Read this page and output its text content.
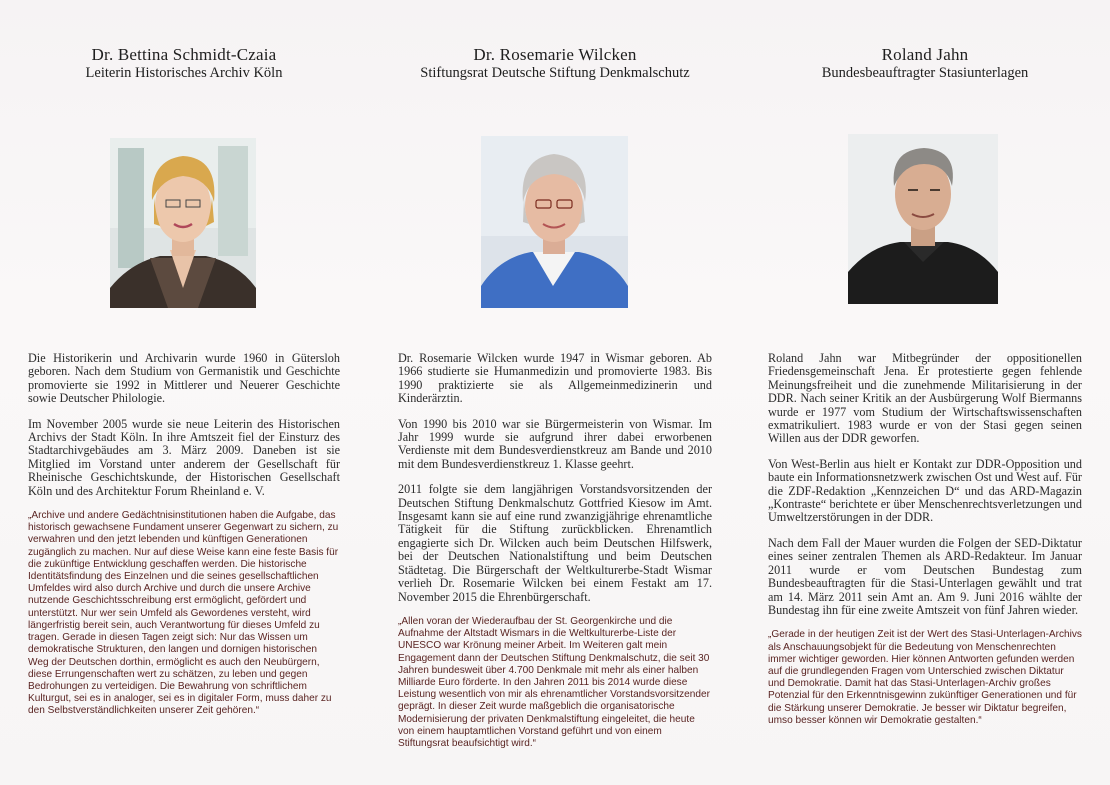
Dr. Bettina Schmidt-Czaia
Leiterin Historisches Archiv Köln

Die Historikerin und Archivarin wurde 1960 in Gütersloh geboren. Nach dem Studium von Germanistik und Geschichte promovierte sie 1992 in Mittlerer und Neuerer Geschichte sowie Deutscher Philologie.

Im November 2005 wurde sie neue Leiterin des Historischen Archivs der Stadt Köln. In ihre Amtszeit fiel der Einsturz des Stadtarchivgebäudes am 3. März 2009. Daneben ist sie Mitglied im Vorstand unter anderem der Gesellschaft für Rheinische Geschichtskunde, der Historischen Gesellschaft Köln und des Architektur Forum Rheinland e. V.

„Archive und andere Gedächtnisinstitutionen haben die Aufgabe, das historisch gewachsene Fundament unserer Gegenwart zu sichern, zu verwahren und den jetzt lebenden und künftigen Generationen zugänglich zu machen. Nur auf diese Weise kann eine feste Basis für die zukünftige Entwicklung geschaffen werden. Die historische Identitätsfindung des Einzelnen und die seines gesellschaftlichen Umfeldes wird also durch Archive und durch die unsere Archive nutzende Geschichtsschreibung erst ermöglicht, gefördert und unterstützt. Nur wer sein Umfeld als Gewordenes versteht, wird längerfristig bereit sein, auch Verantwortung für dieses Umfeld zu tragen. Gerade in diesen Tagen zeigt sich: Nur das Wissen um demokratische Strukturen, den langen und dornigen historischen Weg der Deutschen dorthin, ermöglicht es auch den Neubürgern, diese Errungenschaften wert zu schätzen, zu leben und gegen Bedrohungen zu verteidigen. Die Bewahrung von schriftlichem Kulturgut, sei es in analoger, sei es in digitaler Form, muss daher zu den Selbstverständlichkeiten unserer Zeit gehören.“

Dr. Rosemarie Wilcken
Stiftungsrat Deutsche Stiftung Denkmalschutz

Dr. Rosemarie Wilcken wurde 1947 in Wismar geboren. Ab 1966 studierte sie Humanmedizin und promovierte 1983. Bis 1990 praktizierte sie als Allgemeinmedizinerin und Kinderärztin.

Von 1990 bis 2010 war sie Bürgermeisterin von Wismar. Im Jahr 1999 wurde sie aufgrund ihrer dabei erworbenen Verdienste mit dem Bundesverdienstkreuz am Bande und 2010 mit dem Bundesverdienstkreuz 1. Klasse geehrt.

2011 folgte sie dem langjährigen Vorstandsvorsitzenden der Deutschen Stiftung Denkmalschutz Gottfried Kiesow im Amt. Insgesamt kann sie auf eine rund zwanzigjährige ehrenamtliche Tätigkeit für die Stiftung zurückblicken. Ehrenamtlich engagierte sich Dr. Wilcken auch beim Deutschen Hilfswerk, bei der Deutschen Nationalstiftung und beim Deutschen Städtetag. Die Bürgerschaft der Weltkulturerbe-Stadt Wismar verlieh Dr. Rosemarie Wilcken bei einem Festakt am 17. November 2015 die Ehrenbürgerschaft.

„Allen voran der Wiederaufbau der St. Georgenkirche und die Aufnahme der Altstadt Wismars in die Weltkulturerbe-Liste der UNESCO war Krönung meiner Arbeit. Im Weiteren galt mein Engagement dann der Deutschen Stiftung Denkmalschutz, die seit 30 Jahren bundesweit über 4.700 Denkmale mit mehr als einer halben Milliarde Euro förderte. In den Jahren 2011 bis 2014 wurde diese Leistung wesentlich von mir als ehrenamtlicher Vorstandsvorsitzender geprägt. In dieser Zeit wurde maßgeblich die organisatorische Modernisierung der privaten Denkmalstiftung eingeleitet, die heute von einem hauptamtlichen Vorstand geführt und von einem Stiftungsrat beaufsichtigt wird.“

Roland Jahn
Bundesbeauftragter Stasiunterlagen

Roland Jahn war Mitbegründer der oppositionellen Friedensgemeinschaft Jena. Er protestierte gegen fehlende Meinungsfreiheit und die zunehmende Militarisierung in der DDR. Nach seiner Kritik an der Ausbürgerung Wolf Biermanns wurde er 1977 vom Studium der Wirtschaftswissenschaften exmatrikuliert. 1983 wurde er von der Stasi gegen seinen Willen aus der DDR geworfen.

Von West-Berlin aus hielt er Kontakt zur DDR-Opposition und baute ein Informationsnetzwerk zwischen Ost und West auf. Für die ZDF-Redaktion „Kennzeichen D“ und das ARD-Magazin „Kontraste“ berichtete er über Menschenrechtsverletzungen und Umweltzerstörungen in der DDR.

Nach dem Fall der Mauer wurden die Folgen der SED-Diktatur eines seiner zentralen Themen als ARD-Redakteur. Im Januar 2011 wurde er vom Deutschen Bundestag zum Bundesbeauftragten für die Stasi-Unterlagen gewählt und trat am 14. März 2011 sein Amt an. Am 9. Juni 2016 wählte der Bundestag ihn für eine zweite Amtszeit von fünf Jahren wieder.

„Gerade in der heutigen Zeit ist der Wert des Stasi-Unterlagen-Archivs als Anschauungsobjekt für die Bedeutung von Menschenrechten immer wichtiger geworden. Hier können Antworten gefunden werden auf die grundlegenden Fragen vom Unterschied zwischen Diktatur und Demokratie. Damit hat das Stasi-Unterlagen-Archiv großes Potenzial für den Erkenntnisgewinn zukünftiger Generationen und für die Stärkung unserer Demokratie. Je besser wir Diktatur begreifen, umso besser können wir Demokratie gestalten.“
